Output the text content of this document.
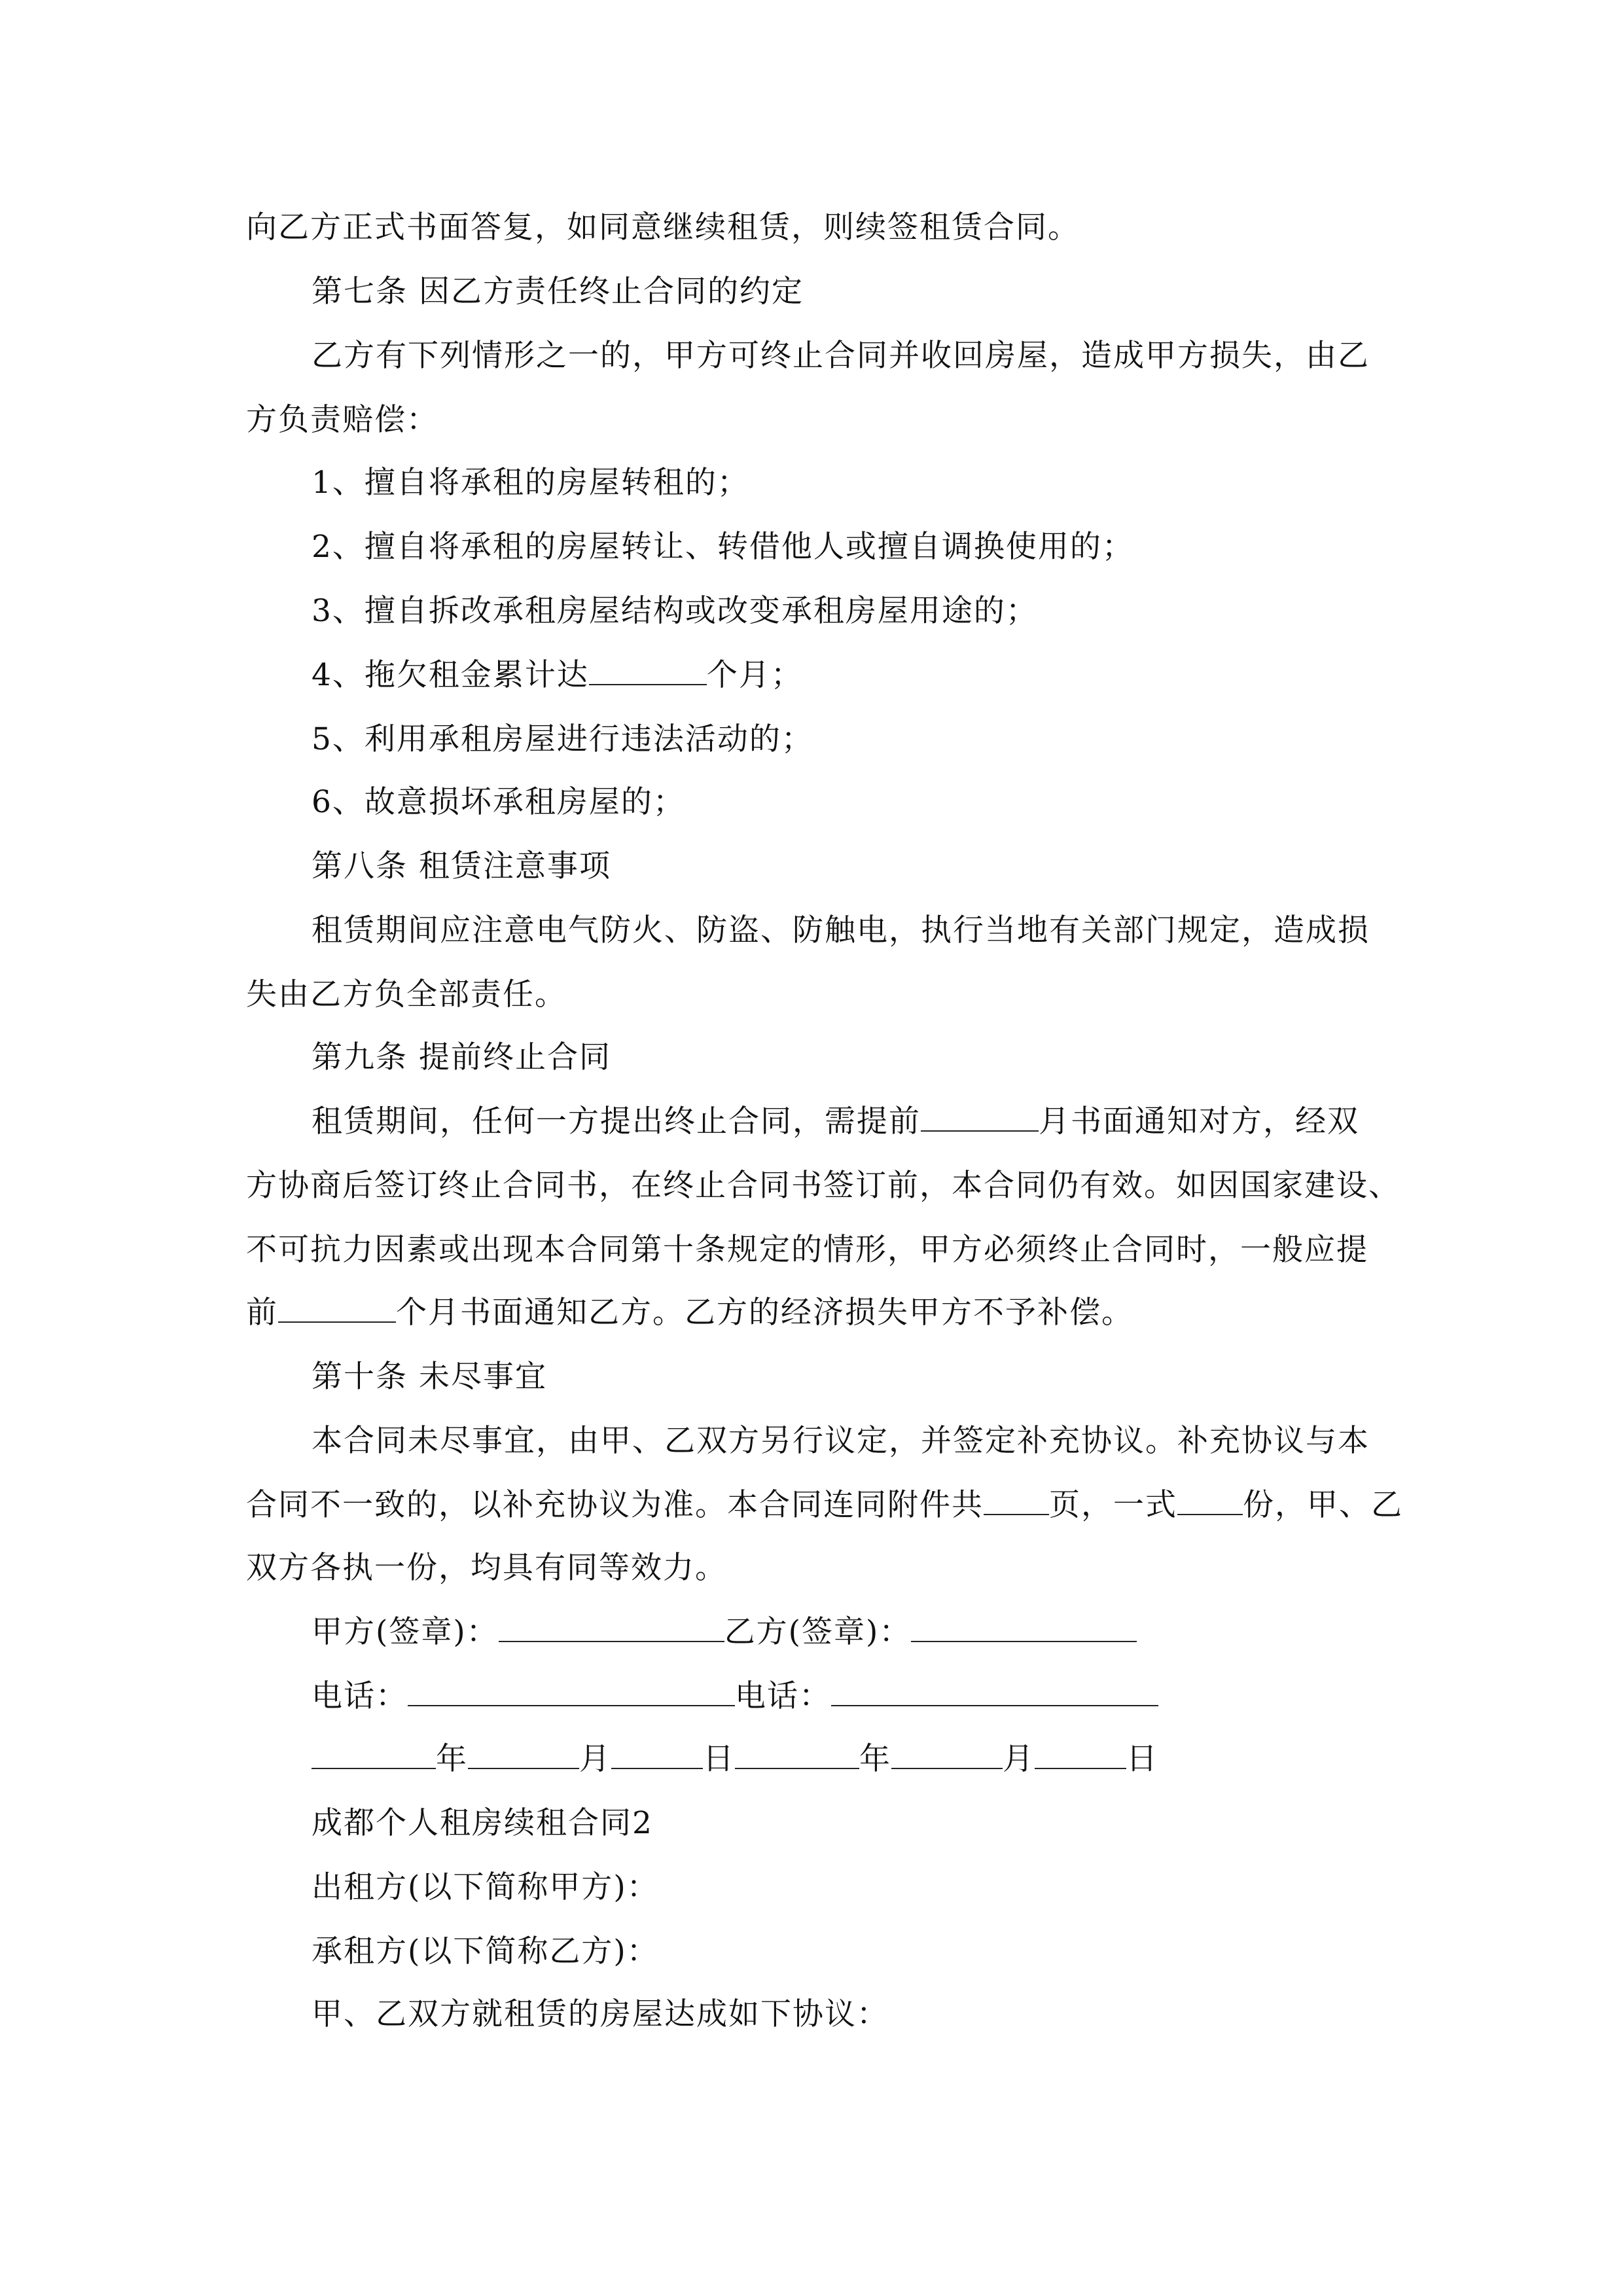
向乙方正式书面答复，如同意继续租赁，则续签租赁合同。
第七条 因乙方责任终止合同的约定
乙方有下列情形之一的，甲方可终止合同并收回房屋，造成甲方损失，由乙
方负责赔偿：
1、擅自将承租的房屋转租的；
2、擅自将承租的房屋转让、转借他人或擅自调换使用的；
3、擅自拆改承租房屋结构或改变承租房屋用途的；
4、拖欠租金累计达	个月；
5、利用承租房屋进行违法活动的；
6、故意损坏承租房屋的；
第八条 租赁注意事项
租赁期间应注意电气防火、防盗、防触电，执行当地有关部门规定，造成损
失由乙方负全部责任。
第九条 提前终止合同
租赁期间，任何一方提出终止合同，需提前	月书面通知对方，经双
方协商后签订终止合同书，在终止合同书签订前，本合同仍有效。如因国家建设、
不可抗力因素或出现本合同第十条规定的情形，甲方必须终止合同时，一般应提
前	个月书面通知乙方。乙方的经济损失甲方不予补偿。
第十条 未尽事宜
本合同未尽事宜，由甲、乙双方另行议定，并签定补充协议。补充协议与本
合同不一致的，以补充协议为准。本合同连同附件共 页，一式 份，甲、乙
双方各执一份，均具有同等效力。
甲方(签章)：	乙方(签章)：
电话：	电话：
年	月	日	年	月	日
成都个人租房续租合同2
出租方(以下简称甲方)：
承租方(以下简称乙方)：
甲、乙双方就租赁的房屋达成如下协议：
